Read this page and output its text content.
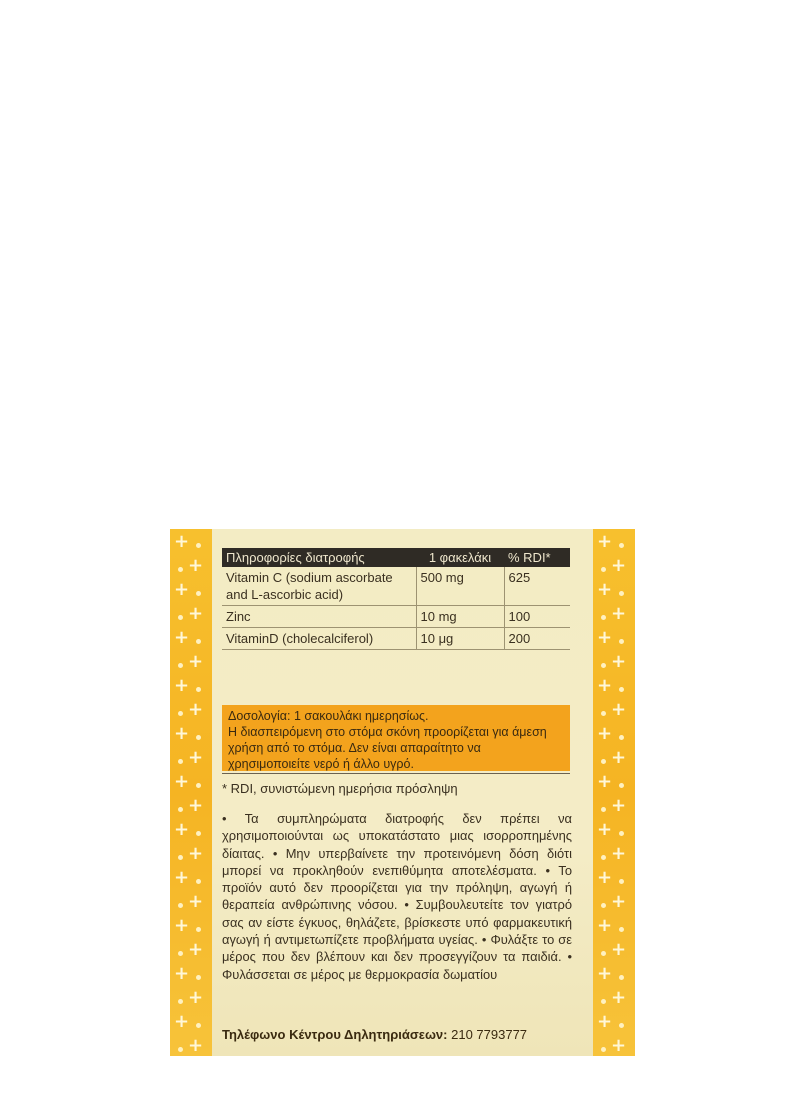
+
+
+
+
+
+
+
+
+
+
+
+
+
+
+
+
+
+
+
+
+
+
+
+
+
+
+
+
+
+
+
+
+
+
+
+
+
+
+
+
+
+
+
+
Πληροφορίες διατροφής	1 φακελάκι	% RDI*
Vitamin C (sodium ascorbate and L-ascorbic acid)	500 mg	625
Zinc	10 mg	100
VitaminD (cholecalciferol)	10 μg	200
Δοσολογία: 1 σακουλάκι ημερησίως.
Η διασπειρόμενη στο στόμα σκόνη προορίζεται για άμεση χρήση από το στόμα. Δεν είναι απαραίτητο να χρησιμοποιείτε νερό ή άλλο υγρό.
* RDI, συνιστώμενη ημερήσια πρόσληψη
• Τα συμπληρώματα διατροφής δεν πρέπει να χρησιμοποιούνται ως υποκατάστατο μιας ισορροπημένης δίαιτας. • Μην υπερβαίνετε την προτεινόμενη δόση διότι μπορεί να προκληθούν ενεπιθύμητα αποτελέσματα. • Το προϊόν αυτό δεν προορίζεται για την πρόληψη, αγωγή ή θεραπεία ανθρώπινης νόσου. • Συμβουλευτείτε τον γιατρό σας αν είστε έγκυος, θηλάζετε, βρίσκεστε υπό φαρμακευτική αγωγή ή αντιμετωπίζετε προβλήματα υγείας. • Φυλάξτε το σε μέρος που δεν βλέπουν και δεν προσεγγίζουν τα παιδιά. • Φυλάσσεται σε μέρος με θερμοκρασία δωματίου
Τηλέφωνο Κέντρου Δηλητηριάσεων: 210 7793777
